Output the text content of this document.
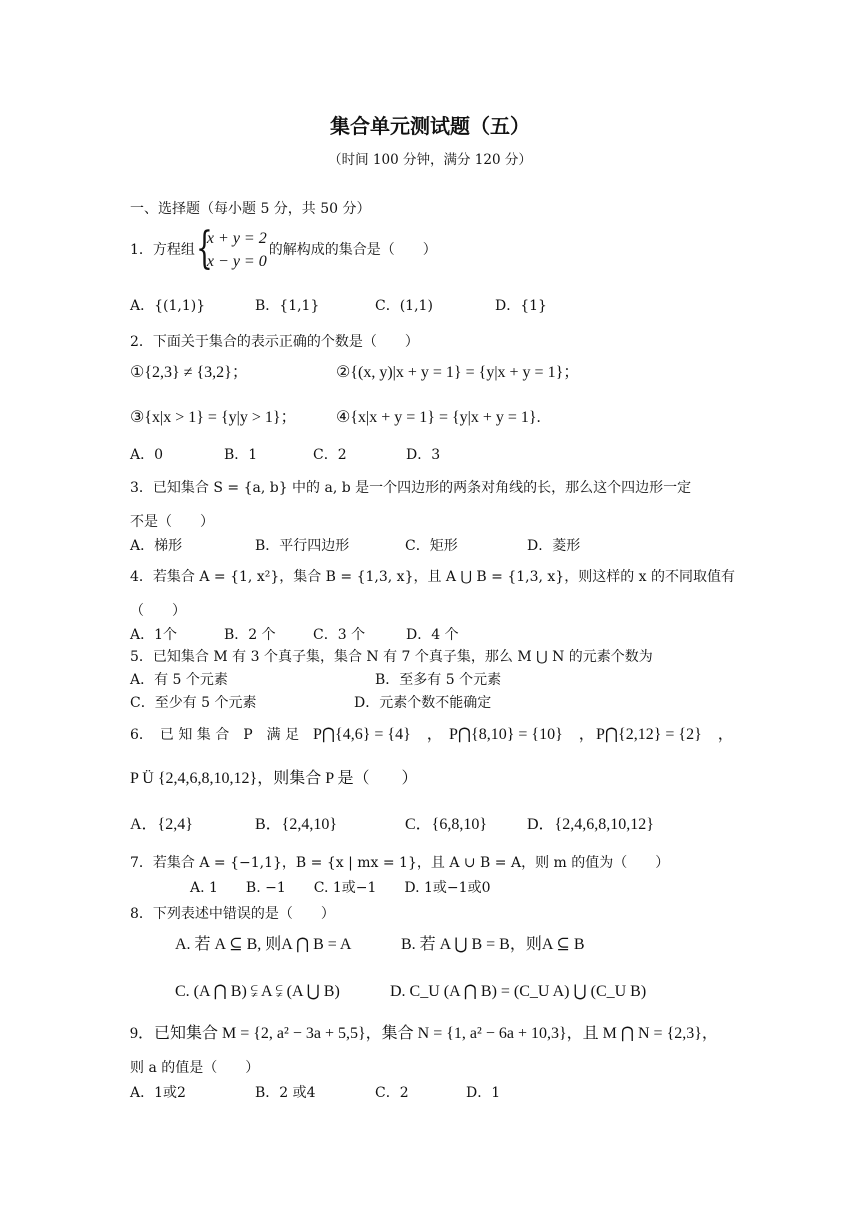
集合单元测试题（五）
（时间 100 分钟，满分 120 分）
一、选择题（每小题 5 分，共 50 分）
1．方程组 {
x + y = 2
x − y = 0
的解构成的集合是（　　）
A．{(1,1)}	B．{1,1}	C．(1,1)	D．{1}
2．下面关于集合的表示正确的个数是（　　）
①{2,3} ≠ {3,2}；	②{(x, y)|x + y = 1} = {y|x + y = 1}；
③{x|x > 1} = {y|y > 1}； ④{x|x + y = 1} = {y|x + y = 1}.
A．0	B．1	C．2	D．3
3．已知集合 S = {a, b} 中的 a, b 是一个四边形的两条对角线的长，那么这个四边形一定
不是（　　）
A．梯形	B．平行四边形	C．矩形	D．菱形
4．若集合 A = {1, x²}，集合 B = {1,3, x}，且 A ⋃ B = {1,3, x}，则这样的 x 的不同取值有
（　　）
A．1个	B．2 个	C．3 个	D．4 个
5．已知集合 M 有 3 个真子集，集合 N 有 7 个真子集，那么 M ⋃ N 的元素个数为
A．有 5 个元素	B．至多有 5 个元素
C．至少有 5 个元素	D．元素个数不能确定
6．　已 知 集 合　P　满 足 P⋂{4,6} = {4}　， P⋂{8,10} = {10}　， P⋂{2,12} = {2}　，
P Ü {2,4,6,8,10,12}，则集合 P 是（　　）
A．{2,4}	B．{2,4,10}	C．{6,8,10} D．{2,4,6,8,10,12}
7．若集合 A = {−1,1}，B = {x | mx = 1}，且 A ∪ B = A，则 m 的值为（　　）
A. 1　　B. −1　　C. 1或−1　　D. 1或−1或0
8．下列表述中错误的是（　　）
A. 若 A ⊆ B, 则A ⋂ B = A	B. 若 A ⋃ B = B，则A ⊆ B
C. (A ⋂ B) ⫋ A ⫋ (A ⋃ B)	D. C_U (A ⋂ B) = (C_U A) ⋃ (C_U B)
9．已知集合 M = {2, a² − 3a + 5,5}，集合 N = {1, a² − 6a + 10,3}，且 M ⋂ N = {2,3}，
则 a 的值是（　　）
A．1或2	B．2 或4	C．2	D．1
